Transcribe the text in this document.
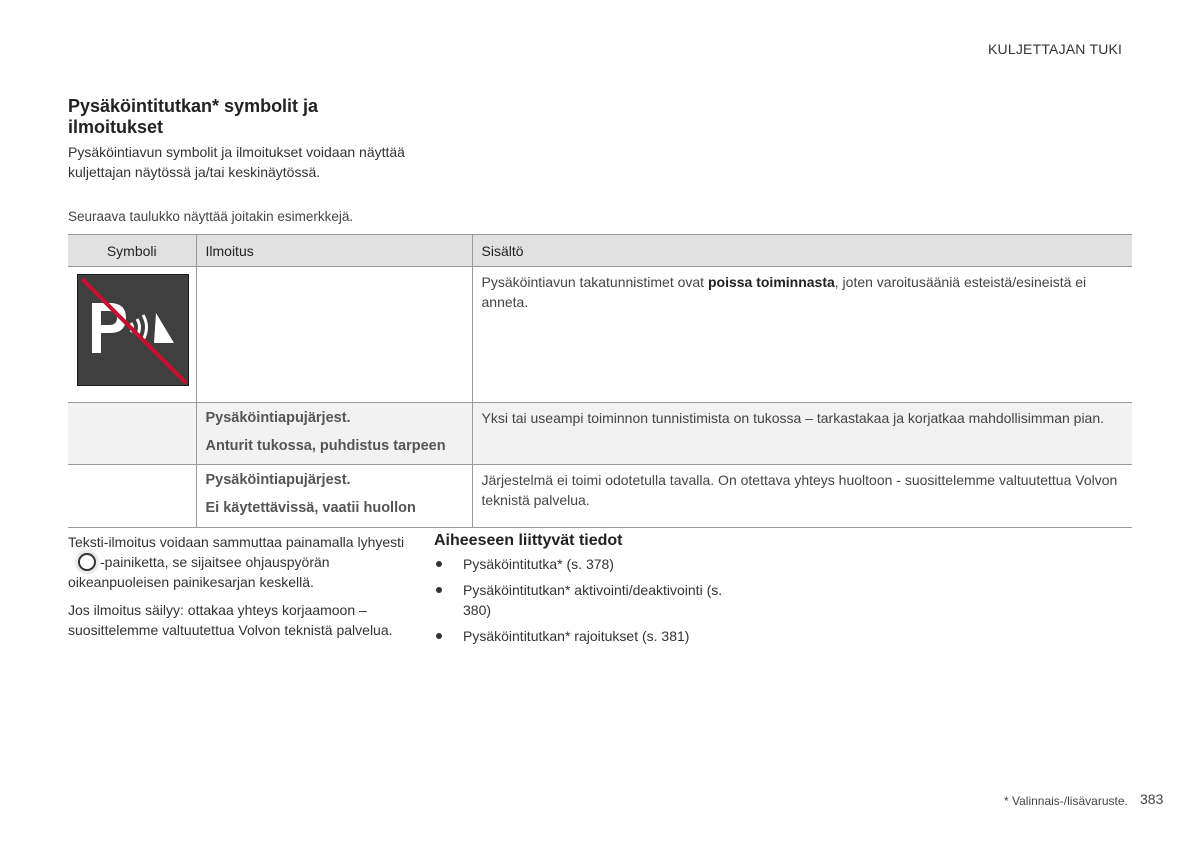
KULJETTAJAN TUKI
Pysäköintitutkan* symbolit ja ilmoitukset
Pysäköintiavun symbolit ja ilmoitukset voidaan näyttää kuljettajan näytössä ja/tai keskinäytössä.
Seuraava taulukko näyttää joitakin esimerkkejä.
Symboli	Ilmoitus	Sisältö

		Pysäköintiavun takatunnistimet ovat poissa toiminnasta, joten varoitusääniä esteistä/esineistä ei anneta.

	Pysäköintiapujärjest.
Anturit tukossa, puhdistus tarpeen	Yksi tai useampi toiminnon tunnistimista on tukossa – tarkastakaa ja korjatkaa mahdollisimman pian.

	Pysäköintiapujärjest.
Ei käytettävissä, vaatii huollon	Järjestelmä ei toimi odotetulla tavalla. On otettava yhteys huoltoon - suosittelemme valtuutettua Volvon teknistä palvelua.

Teksti-ilmoitus voidaan sammuttaa painamalla lyhyesti-painiketta, se sijaitsee ohjauspyörän oikeanpuoleisen painikesarjan keskellä.

Jos ilmoitus säilyy: ottakaa yhteys korjaamoon – suosittelemme valtuutettua Volvon teknistä palvelua.

Aiheeseen liittyvät tiedot
Pysäköintitutka* (s. 378)
Pysäköintitutkan* aktivointi/deaktivointi (s. 380)
Pysäköintitutkan* rajoitukset (s. 381)
* Valinnais-/lisävaruste. 383
